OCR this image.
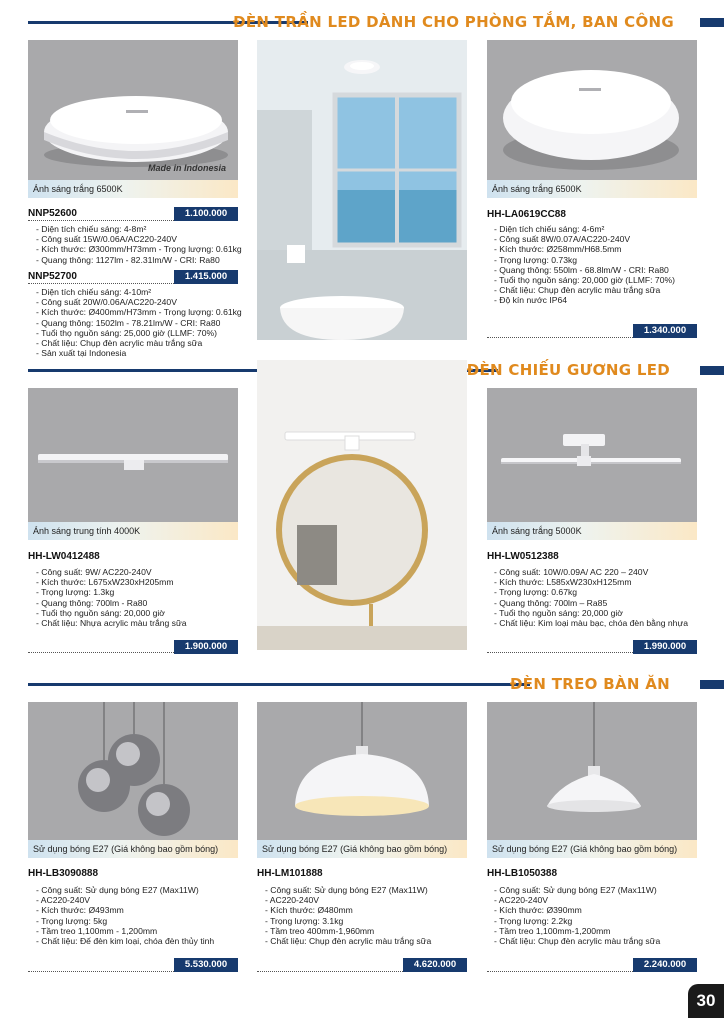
ĐÈN TRẦN LED DÀNH CHO PHÒNG TẮM, BAN CÔNG
Made in Indonesia
Ánh sáng trắng 6500K
NNP52600	1.100.000
- Diện tích chiếu sáng: 4-8m²
- Công suất 15W/0.06A/AC220-240V
- Kích thước: Ø300mm/H73mm - Trọng lượng: 0.61kg
- Quang thông: 1127lm - 82.31lm/W - CRI: Ra80
NNP52700	1.415.000
- Diện tích chiếu sáng: 4-10m²
- Công suất 20W/0.06A/AC220-240V
- Kích thước: Ø400mm/H73mm - Trọng lượng: 0.61kg
- Quang thông: 1502lm - 78.21lm/W - CRI: Ra80
- Tuổi thọ nguồn sáng: 25,000 giờ (LLMF: 70%)
- Chất liệu: Chụp đèn acrylic màu trắng sữa
- Sản xuất tại Indonesia
Ánh sáng trắng 6500K
HH-LA0619CC88
- Diện tích chiếu sáng: 4-6m²
- Công suất 8W/0.07A/AC220-240V
- Kích thước: Ø258mm/H68.5mm
- Trọng lượng: 0.73kg
- Quang thông: 550lm - 68.8lm/W - CRI: Ra80
- Tuổi thọ nguồn sáng: 20,000 giờ (LLMF: 70%)
- Chất liệu: Chụp đèn acrylic màu trắng sữa
- Độ kín nước IP64
1.340.000
ĐÈN CHIẾU GƯƠNG LED
Ánh sáng trung tính 4000K
HH-LW0412488
- Công suất: 9W/ AC220-240V
- Kích thước: L675xW230xH205mm
- Trọng lượng: 1.3kg
- Quang thông: 700lm - Ra80
- Tuổi thọ nguồn sáng: 20,000 giờ
- Chất liệu: Nhựa acrylic màu trắng sữa
1.900.000
Ánh sáng trắng 5000K
HH-LW0512388
- Công suất: 10W/0.09A/ AC 220 – 240V
- Kích thước: L585xW230xH125mm
- Trọng lượng: 0.67kg
- Quang thông: 700lm – Ra85
- Tuổi thọ nguồn sáng: 20,000 giờ
- Chất liệu: Kim loại màu bạc, chóa đèn bằng nhựa
1.990.000
ĐÈN TREO BÀN ĂN
Sử dụng bóng E27 (Giá không bao gồm bóng)
HH-LB3090888
- Công suất: Sử dụng bóng E27 (Max11W)
- AC220-240V
- Kích thước: Ø493mm
- Trọng lượng: 5kg
- Tầm treo 1,100mm - 1,200mm
- Chất liệu: Đế đèn kim loại, chóa đèn thủy tinh
5.530.000
Sử dụng bóng E27 (Giá không bao gồm bóng)
HH-LM101888
- Công suất: Sử dụng bóng E27 (Max11W)
- AC220-240V
- Kích thước: Ø480mm
- Trọng lượng: 3.1kg
- Tầm treo 400mm-1,960mm
- Chất liệu: Chụp đèn acrylic màu trắng sữa
4.620.000
Sử dụng bóng E27 (Giá không bao gồm bóng)
HH-LB1050388
- Công suất: Sử dụng bóng E27 (Max11W)
- AC220-240V
- Kích thước: Ø390mm
- Trọng lượng: 2.2kg
- Tầm treo 1,100mm-1,200mm
- Chất liệu: Chụp đèn acrylic màu trắng sữa
2.240.000
30
